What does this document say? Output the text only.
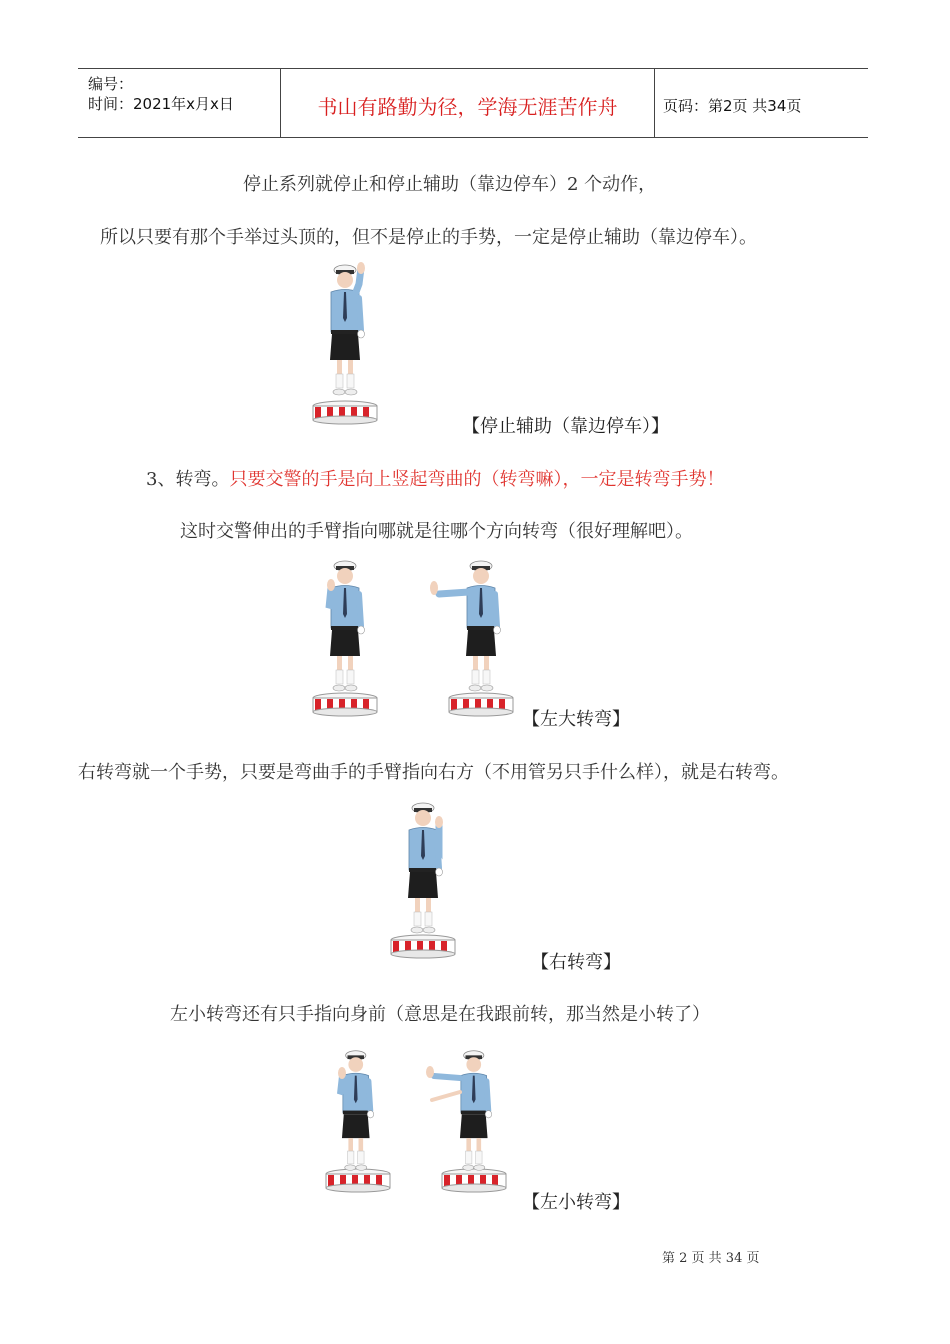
编号：
时间：2021年x月x日	书山有路勤为径，学海无涯苦作舟	页码：第2页 共34页
停止系列就停止和停止辅助（靠边停车）2 个动作，
所以只要有那个手举过头顶的，但不是停止的手势，一定是停止辅助（靠边停车）。
【停止辅助（靠边停车）】
3、转弯。只要交警的手是向上竖起弯曲的（转弯嘛），一定是转弯手势！
这时交警伸出的手臂指向哪就是往哪个方向转弯（很好理解吧）。
【左大转弯】
右转弯就一个手势，只要是弯曲手的手臂指向右方（不用管另只手什么样），就是右转弯。
【右转弯】
左小转弯还有只手指向身前（意思是在我跟前转，那当然是小转了）
【左小转弯】
第 2 页 共 34 页
